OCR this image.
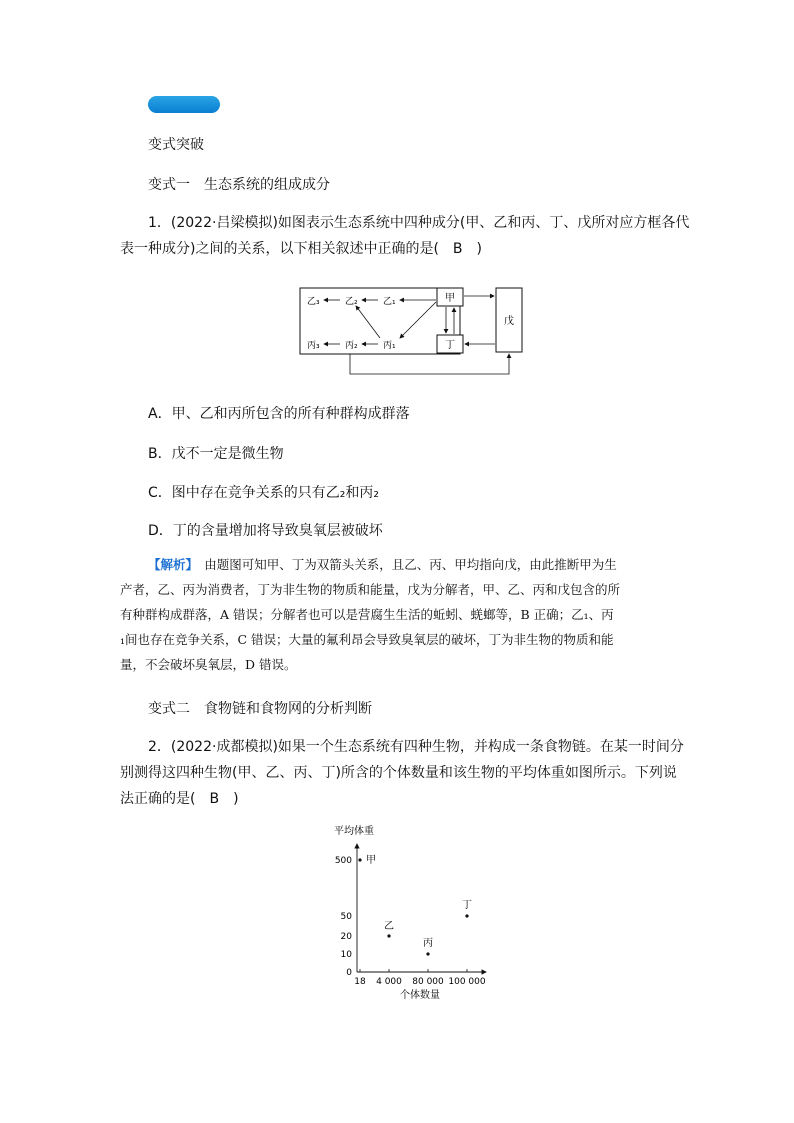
变式突破
变式一　生态系统的组成成分
1．(2022·吕梁模拟)如图表示生态系统中四种成分(甲、乙和丙、丁、戊所对应方框各代
表一种成分)之间的关系，以下相关叙述中正确的是(　B　)
甲
丁
戊
乙₃	乙₂	乙₁
丙₃	丙₂	丙₁
A．甲、乙和丙所包含的所有种群构成群落
B．戊不一定是微生物
C．图中存在竞争关系的只有乙₂和丙₂
D．丁的含量增加将导致臭氧层被破坏
【解析】　由题图可知甲、丁为双箭头关系，且乙、丙、甲均指向戊，由此推断甲为生
产者，乙、丙为消费者，丁为非生物的物质和能量，戊为分解者，甲、乙、丙和戊包含的所
有种群构成群落，A 错误；分解者也可以是营腐生生活的蚯蚓、蜣螂等，B 正确；乙₁、丙
₁间也存在竞争关系，C 错误；大量的氟利昂会导致臭氧层的破坏，丁为非生物的物质和能
量，不会破坏臭氧层，D 错误。
变式二　食物链和食物网的分析判断
2．(2022·成都模拟)如果一个生态系统有四种生物，并构成一条食物链。在某一时间分
别测得这四种生物(甲、乙、丙、丁)所含的个体数量和该生物的平均体重如图所示。下列说
法正确的是(　B　)
平均体重
0
10
20
50
500
18 4 000 80 000 100 000
甲
乙
丙
丁
个体数量
